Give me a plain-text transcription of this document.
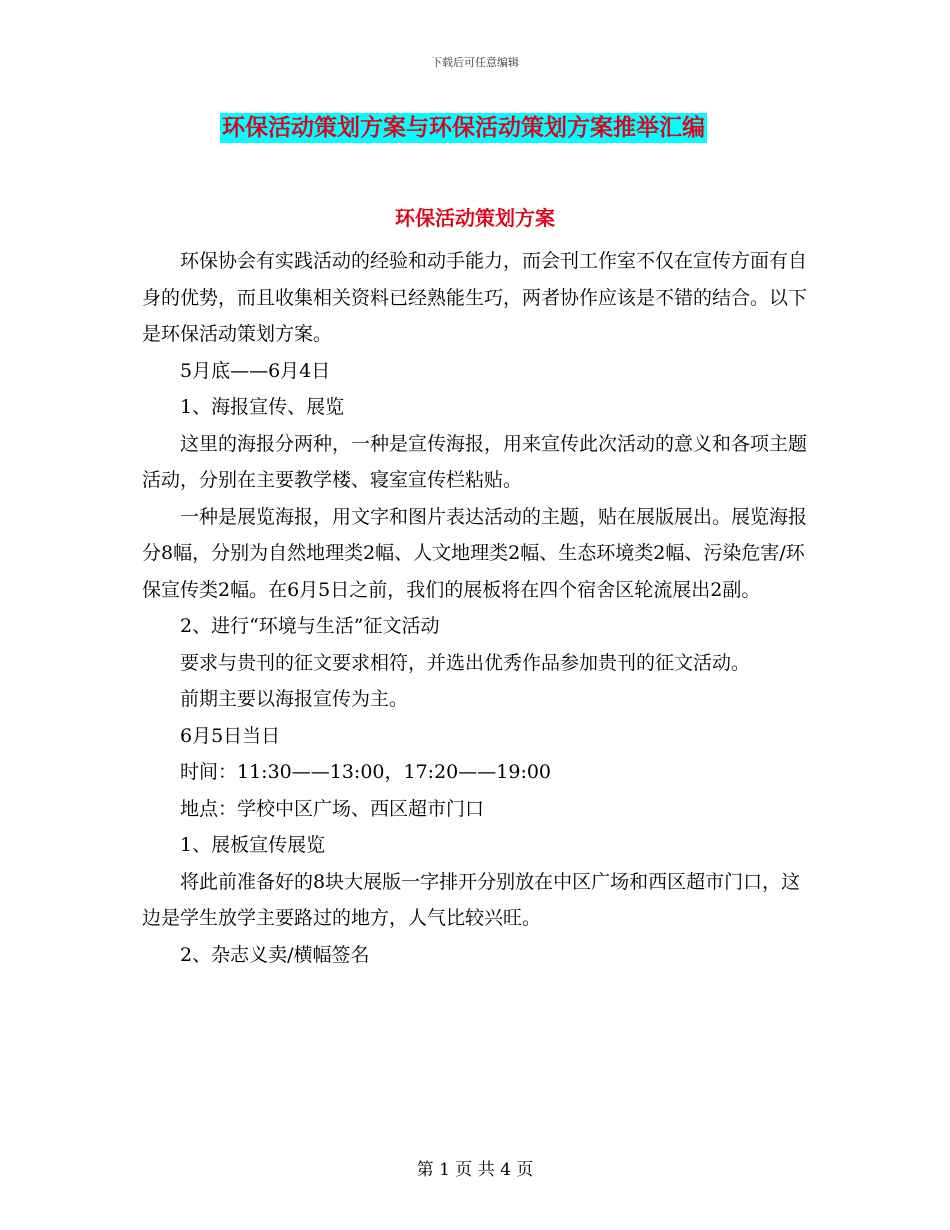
下载后可任意编辑
环保活动策划方案与环保活动策划方案推举汇编
环保活动策划方案

环保协会有实践活动的经验和动手能力，而会刊工作室不仅在宣传方面有自身的优势，而且收集相关资料已经熟能生巧，两者协作应该是不错的结合。以下是环保活动策划方案。

5月底——6月4日

1、海报宣传、展览

这里的海报分两种，一种是宣传海报，用来宣传此次活动的意义和各项主题活动，分别在主要教学楼、寝室宣传栏粘贴。

一种是展览海报，用文字和图片表达活动的主题，贴在展版展出。展览海报分8幅，分别为自然地理类2幅、人文地理类2幅、生态环境类2幅、污染危害/环保宣传类2幅。在6月5日之前，我们的展板将在四个宿舍区轮流展出2副。

2、进行“环境与生活”征文活动

要求与贵刊的征文要求相符，并选出优秀作品参加贵刊的征文活动。

前期主要以海报宣传为主。

6月5日当日

时间：11:30——13:00，17:20——19:00

地点：学校中区广场、西区超市门口

1、展板宣传展览

将此前准备好的8块大展版一字排开分别放在中区广场和西区超市门口，这边是学生放学主要路过的地方，人气比较兴旺。

2、杂志义卖/横幅签名

第 1 页 共 4 页
